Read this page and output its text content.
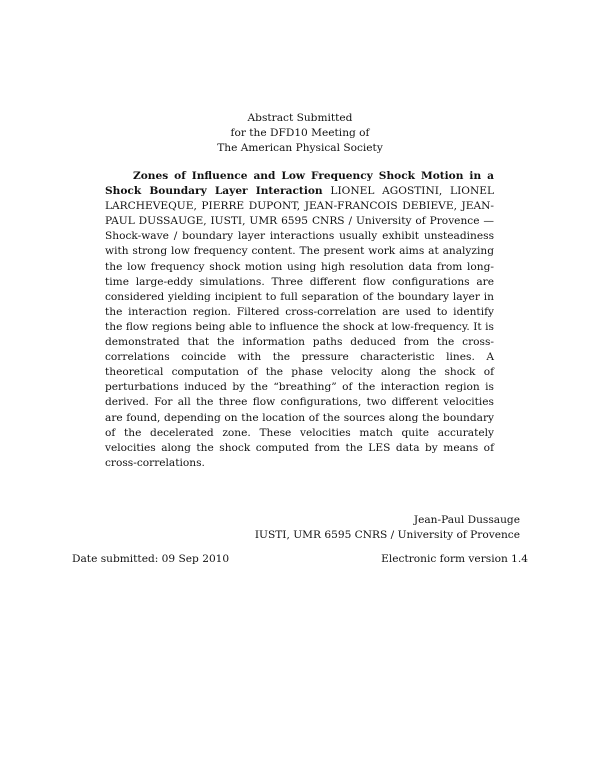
Abstract Submitted
for the DFD10 Meeting of
The American Physical Society

Zones of Influence and Low Frequency Shock Motion in a Shock Boundary Layer Interaction LIONEL AGOSTINI, LIONEL LARCHEVEQUE, PIERRE DUPONT, JEAN-FRANCOIS DEBIEVE, JEAN-PAUL DUSSAUGE, IUSTI, UMR 6595 CNRS / University of Provence — Shock-wave / boundary layer interactions usually exhibit unsteadiness with strong low frequency content. The present work aims at analyzing the low frequency shock motion using high resolution data from long-time large-eddy simulations. Three different flow configurations are considered yielding incipient to full separation of the boundary layer in the interaction region. Filtered cross-correlation are used to identify the flow regions being able to influence the shock at low-frequency. It is demonstrated that the information paths deduced from the cross-correlations coincide with the pressure characteristic lines. A theoretical computation of the phase velocity along the shock of perturbations induced by the “breathing” of the interaction region is derived. For all the three flow configurations, two different velocities are found, depending on the location of the sources along the boundary of the decelerated zone. These velocities match quite accurately velocities along the shock computed from the LES data by means of cross-correlations.

Jean-Paul Dussauge
IUSTI, UMR 6595 CNRS / University of Provence
Date submitted: 09 Sep 2010	Electronic form version 1.4
